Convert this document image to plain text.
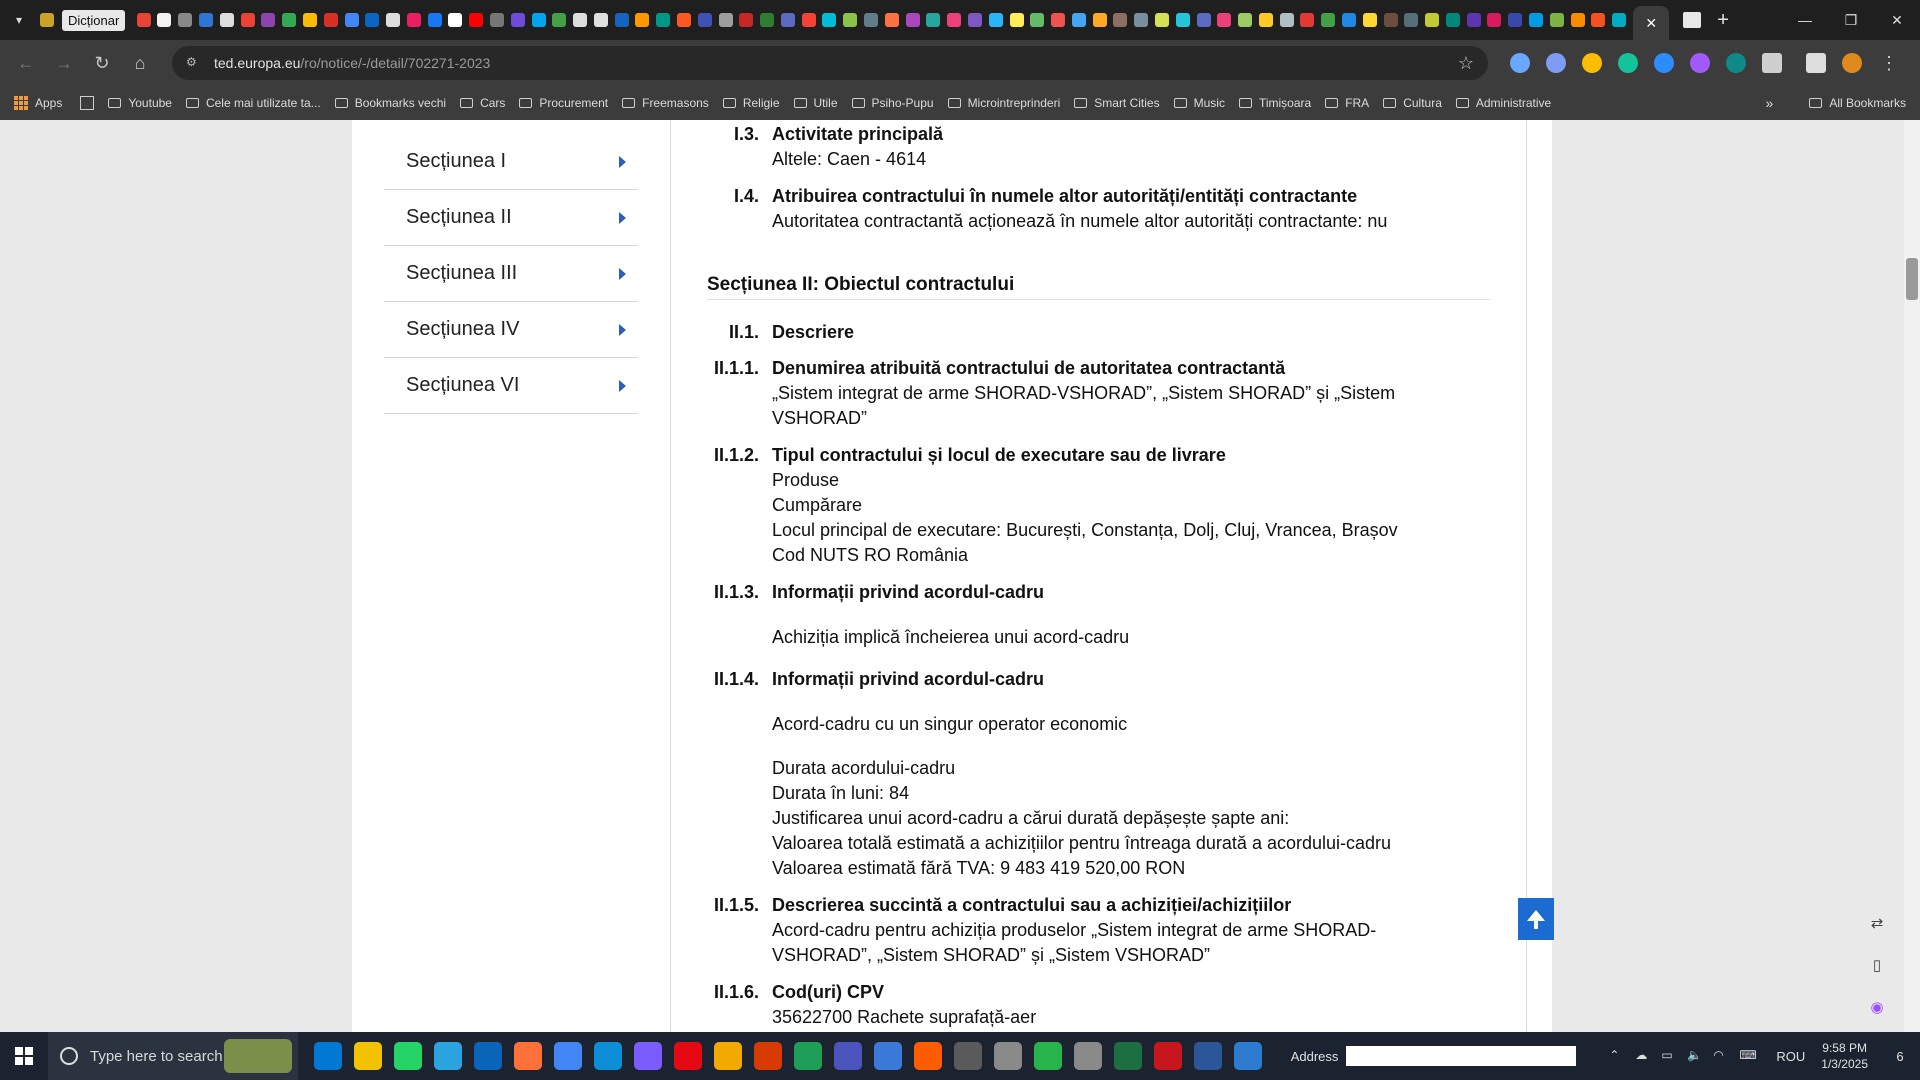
▾	Dicționar	✕	+	—	❐	✕
← → ↻	⌂	⚙	ted.europa.eu/ro/notice/-/detail/702271-2023	☆	⋮
Apps	Youtube	Cele mai utilizate ta...	Bookmarks vechi	Cars	Procurement	Freemasons	Religie	Utile	Psiho-Pupu	Microintreprinderi	Smart Cities	Music	Timișoara	FRA	Cultura	Administrative	»	All Bookmarks
Secțiunea I
Secțiunea II
Secțiunea III
Secțiunea IV
Secțiunea VI
I.3. Activitate principală
Altele: Caen - 4614
I.4. Atribuirea contractului în numele altor autorități/entități contractante
Autoritatea contractantă acționează în numele altor autorități contractante: nu
Secțiunea II: Obiectul contractului
II.1. Descriere
II.1.1. Denumirea atribuită contractului de autoritatea contractantă
„Sistem integrat de arme SHORAD-VSHORAD”, „Sistem SHORAD” și „Sistem
VSHORAD”
II.1.2. Tipul contractului și locul de executare sau de livrare
Produse
Cumpărare
Locul principal de executare: București, Constanța, Dolj, Cluj, Vrancea, Brașov
Cod NUTS RO România
II.1.3. Informații privind acordul-cadru
Achiziția implică încheierea unui acord-cadru
II.1.4. Informații privind acordul-cadru
Acord-cadru cu un singur operator economic
Durata acordului-cadru
Durata în luni: 84
Justificarea unui acord-cadru a cărui durată depășește șapte ani:
Valoarea totală estimată a achizițiilor pentru întreaga durată a acordului-cadru
Valoarea estimată fără TVA: 9 483 419 520,00 RON
II.1.5. Descrierea succintă a contractului sau a achiziției/achizițiilor
Acord-cadru pentru achiziția produselor „Sistem integrat de arme SHORAD-
VSHORAD”, „Sistem SHORAD” și „Sistem VSHORAD”
II.1.6. Cod(uri) CPV
35622700 Rachete suprafață-aer
⇄
▯
◉
Type here to search	Address	⌃	☁	▭	🔈 ◠	⌨ ROU
9:58 PM
1/3/2025
6
